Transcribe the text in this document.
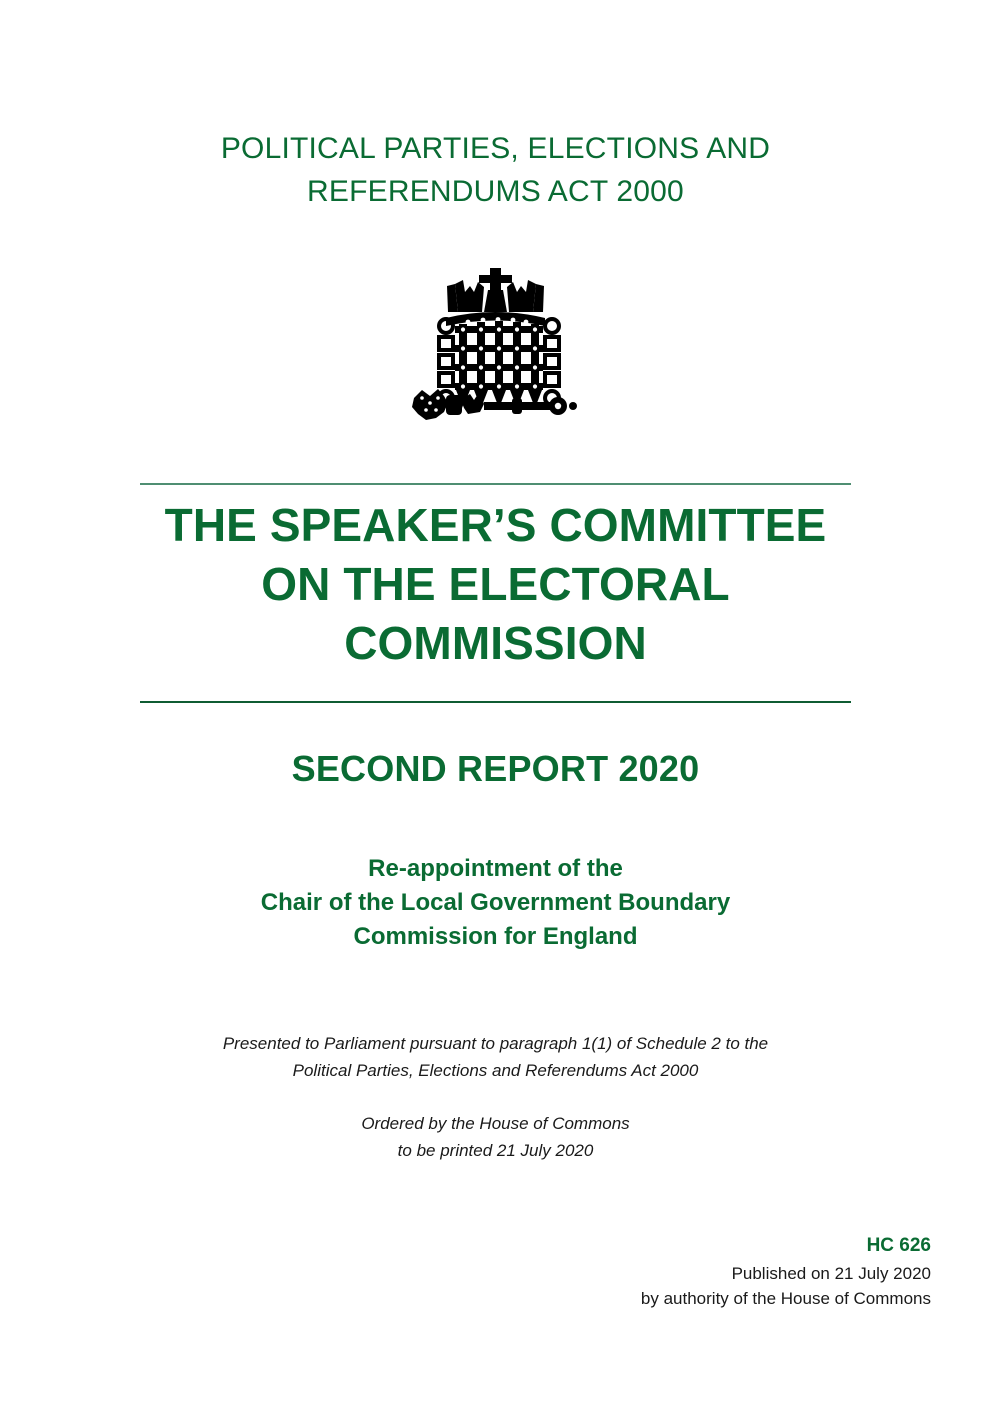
POLITICAL PARTIES, ELECTIONS AND
REFERENDUMS ACT 2000
THE SPEAKER’S COMMITTEE
ON THE ELECTORAL
COMMISSION
SECOND REPORT 2020
Re-appointment of the
Chair of the Local Government Boundary
Commission for England
Presented to Parliament pursuant to paragraph 1(1) of Schedule 2 to the
Political Parties, Elections and Referendums Act 2000
Ordered by the House of Commons
to be printed 21 July 2020
HC 626
Published on 21 July 2020
by authority of the House of Commons
